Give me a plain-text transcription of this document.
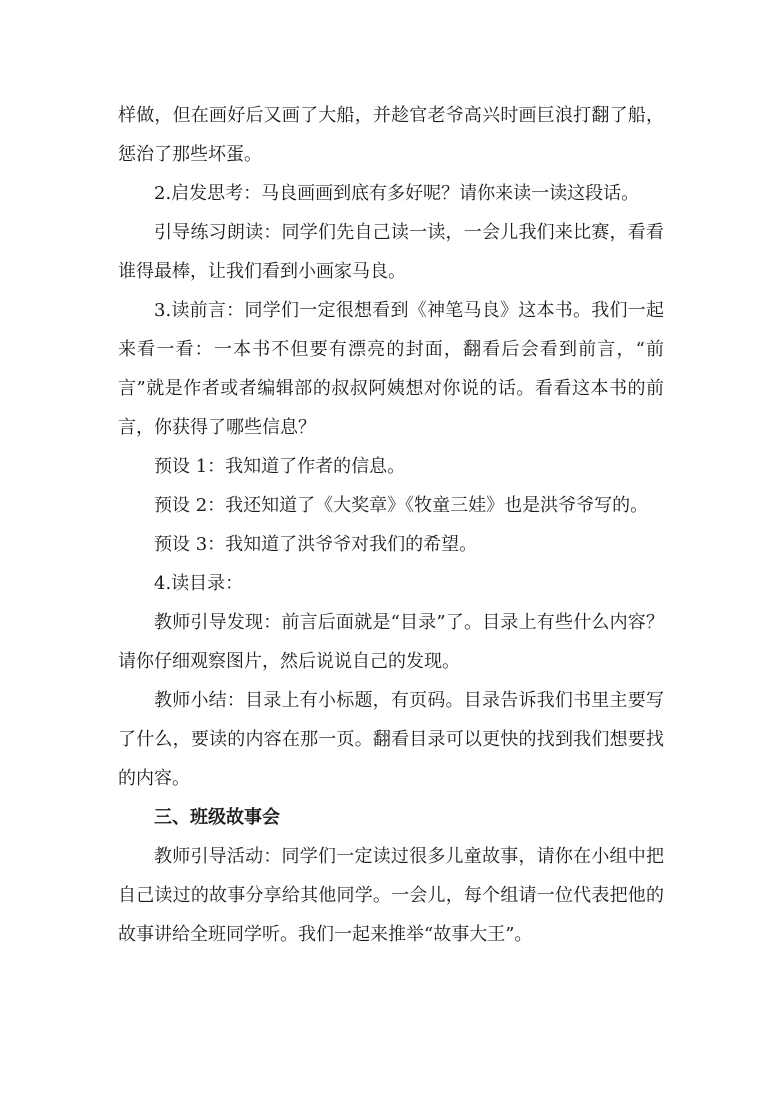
样做，但在画好后又画了大船，并趁官老爷高兴时画巨浪打翻了船，惩治了那些坏蛋。

2.启发思考：马良画画到底有多好呢？请你来读一读这段话。

引导练习朗读：同学们先自己读一读，一会儿我们来比赛，看看谁得最棒，让我们看到小画家马良。

3.读前言：同学们一定很想看到《神笔马良》这本书。我们一起来看一看：一本书不但要有漂亮的封面，翻看后会看到前言，“前言”就是作者或者编辑部的叔叔阿姨想对你说的话。看看这本书的前言，你获得了哪些信息？

预设 1：我知道了作者的信息。

预设 2：我还知道了《大奖章》《牧童三娃》也是洪爷爷写的。

预设 3：我知道了洪爷爷对我们的希望。

4.读目录：

教师引导发现：前言后面就是“目录”了。目录上有些什么内容？请你仔细观察图片，然后说说自己的发现。

教师小结：目录上有小标题，有页码。目录告诉我们书里主要写了什么，要读的内容在那一页。翻看目录可以更快的找到我们想要找的内容。

三、班级故事会

教师引导活动：同学们一定读过很多儿童故事，请你在小组中把自己读过的故事分享给其他同学。一会儿，每个组请一位代表把他的故事讲给全班同学听。我们一起来推举“故事大王”。
